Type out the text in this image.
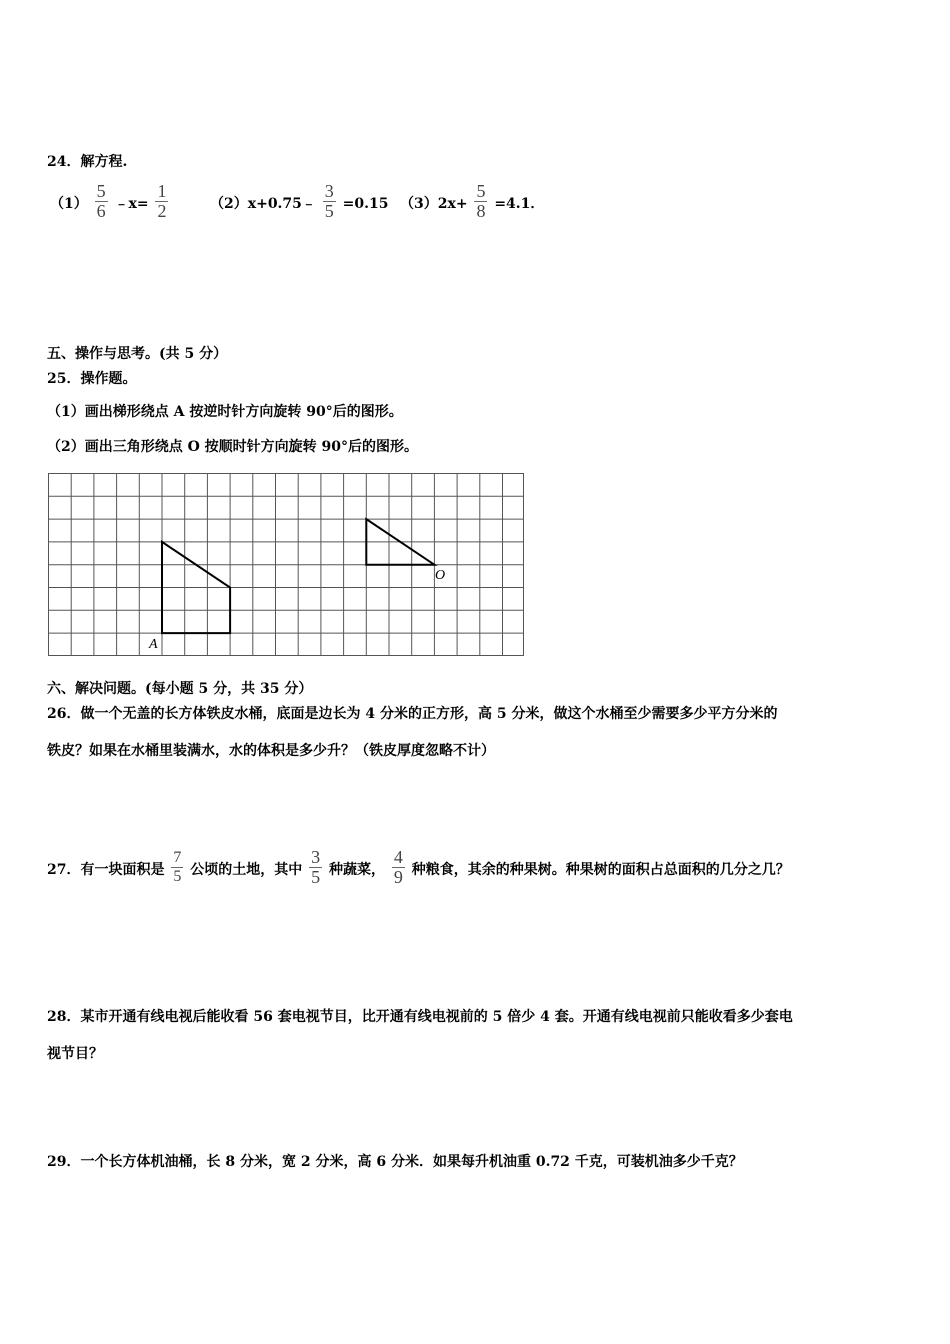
24．解方程.
$(1) \frac{5}{6}$ ﹣x= $\frac{1}{2}$	（2）x+0.75﹣ $\frac{3}{5} =0.15$ $(3)2x+ \frac{5}{8} =4.1$．
五、操作与思考。(共 5 分）
25．操作题。
（1）画出梯形绕点 A 按逆时针方向旋转 90°后的图形。
（2）画出三角形绕点 O 按顺时针方向旋转 90°后的图形。
A
O
六、解决问题。(每小题 5 分，共 35 分）
26．做一个无盖的长方体铁皮水桶，底面是边长为 4 分米的正方形，高 5 分米，做这个水桶至少需要多少平方分米的
铁皮？如果在水桶里装满水，水的体积是多少升？（铁皮厚度忽略不计）
27．有一块面积是 $\frac{7}{5}$ 公顷的土地，其中 $\frac{3}{5}$ 种蔬菜， $\frac{4}{9}$ 种粮食，其余的种果树。种果树的面积占总面积的几分之几？
28．某市开通有线电视后能收看 56 套电视节目，比开通有线电视前的 5 倍少 4 套。开通有线电视前只能收看多少套电
视节目？
29．一个长方体机油桶，长 8 分米，宽 2 分米，高 6 分米．如果每升机油重 0.72 千克，可装机油多少千克？
